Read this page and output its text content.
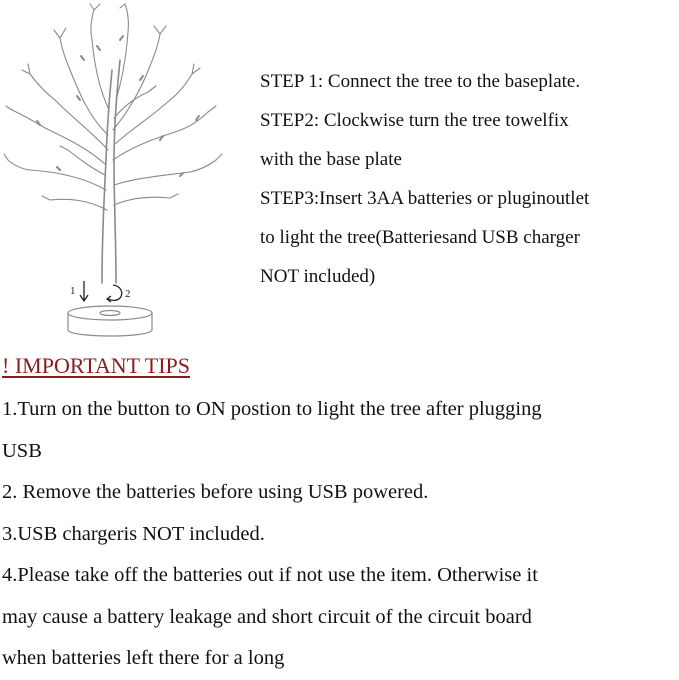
1	2
STEP 1: Connect the tree to the baseplate.
STEP2: Clockwise turn the tree towelfix
with the base plate
STEP3:Insert 3AA batteries or pluginoutlet
to light the tree(Batteriesand USB charger
NOT included)
! IMPORTANT TIPS
1.Turn on the button to ON postion to light the tree after plugging
USB
2. Remove the batteries before using USB powered.
3.USB chargeris NOT included.
4.Please take off the batteries out if not use the item. Otherwise it
may cause a battery leakage and short circuit of the circuit board
when batteries left there for a long
